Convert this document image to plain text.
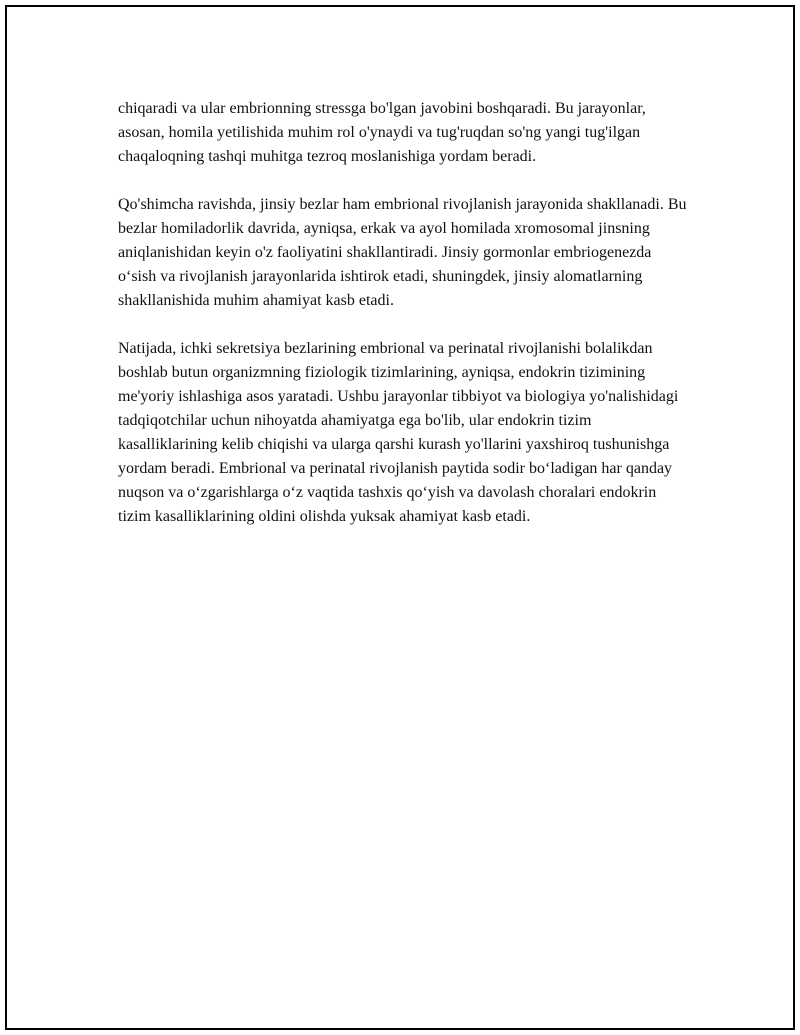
chiqaradi va ular embrionning stressga bo'lgan javobini boshqaradi. Bu jarayonlar, asosan, homila yetilishida muhim rol o'ynaydi va tug'ruqdan so'ng yangi tug'ilgan chaqaloqning tashqi muhitga tezroq moslanishiga yordam beradi.

Qo'shimcha ravishda, jinsiy bezlar ham embrional rivojlanish jarayonida shakllanadi. Bu bezlar homiladorlik davrida, ayniqsa, erkak va ayol homilada xromosomal jinsning aniqlanishidan keyin o'z faoliyatini shakllantiradi. Jinsiy gormonlar embriogenezda o‘sish va rivojlanish jarayonlarida ishtirok etadi, shuningdek, jinsiy alomatlarning shakllanishida muhim ahamiyat kasb etadi.

Natijada, ichki sekretsiya bezlarining embrional va perinatal rivojlanishi bolalikdan boshlab butun organizmning fiziologik tizimlarining, ayniqsa, endokrin tizimining me'yoriy ishlashiga asos yaratadi. Ushbu jarayonlar tibbiyot va biologiya yo'nalishidagi tadqiqotchilar uchun nihoyatda ahamiyatga ega bo'lib, ular endokrin tizim kasalliklarining kelib chiqishi va ularga qarshi kurash yo'llarini yaxshiroq tushunishga yordam beradi. Embrional va perinatal rivojlanish paytida sodir bo‘ladigan har qanday nuqson va o‘zgarishlarga o‘z vaqtida tashxis qo‘yish va davolash choralari endokrin tizim kasalliklarining oldini olishda yuksak ahamiyat kasb etadi.
